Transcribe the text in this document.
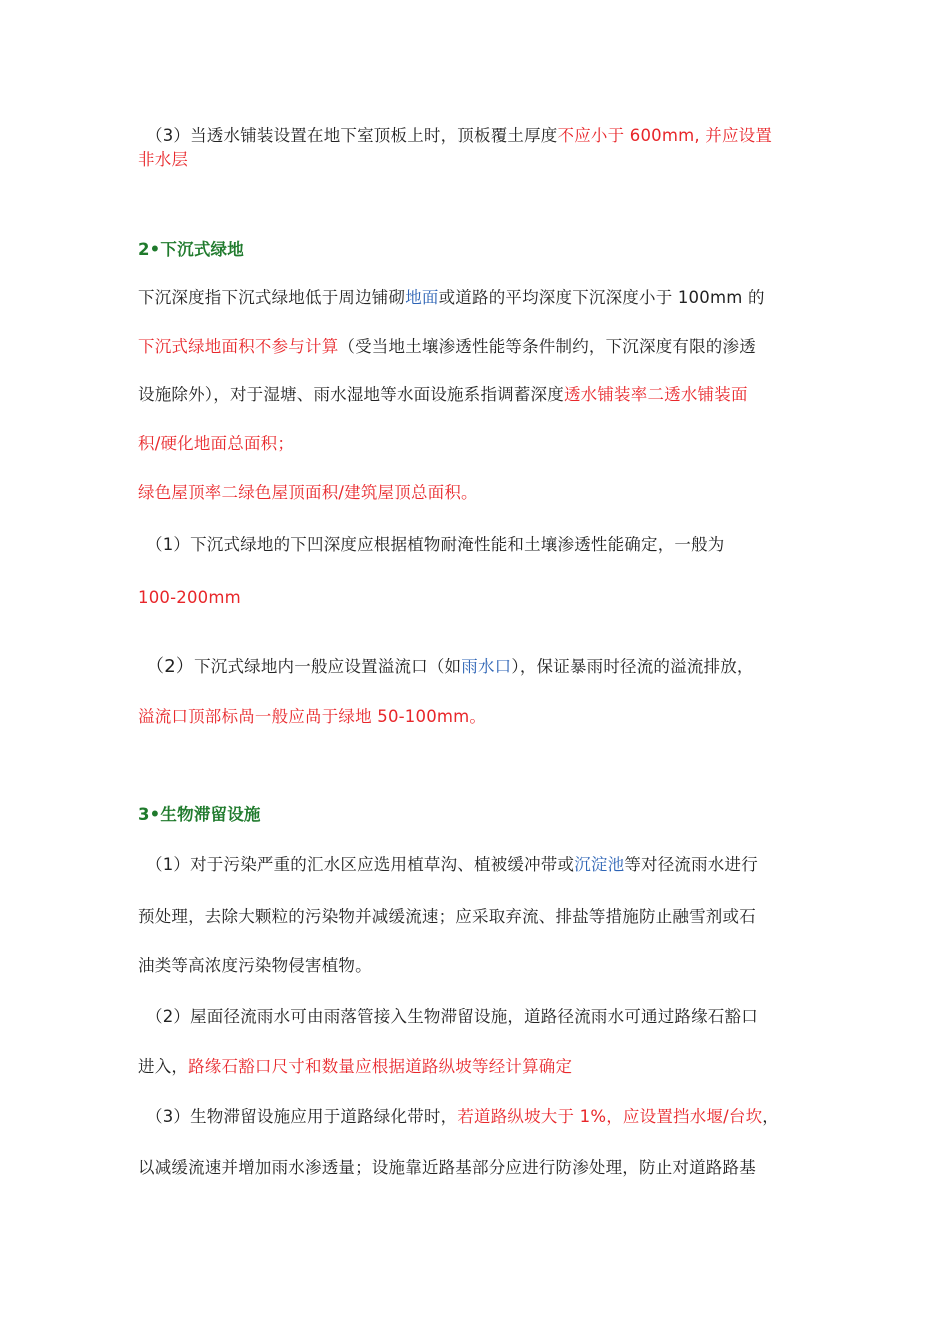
（3）当透水铺装设置在地下室顶板上时，顶板覆土厚度不应小于 600mm, 并应设置
非水层
2•下沉式绿地
下沉深度指下沉式绿地低于周边铺砌地面或道路的平均深度下沉深度小于 100mm 的
下沉式绿地面积不参与计算（受当地土壤渗透性能等条件制约，下沉深度有限的渗透
设施除外），对于湿塘、雨水湿地等水面设施系指调蓄深度透水铺装率二透水铺装面
积/硬化地面总面积；
绿色屋顶率二绿色屋顶面积/建筑屋顶总面积。
（1）下沉式绿地的下凹深度应根据植物耐淹性能和土壤渗透性能确定，一般为
100-200mm
（2）下沉式绿地内一般应设置溢流口（如雨水口），保证暴雨时径流的溢流排放，
溢流口顶部标咼一般应咼于绿地 50-100mm。
3•生物滞留设施
（1）对于污染严重的汇水区应选用植草沟、植被缓冲带或沉淀池等对径流雨水进行
预处理，去除大颗粒的污染物并减缓流速；应采取弃流、排盐等措施防止融雪剂或石
油类等高浓度污染物侵害植物。
（2）屋面径流雨水可由雨落管接入生物滞留设施，道路径流雨水可通过路缘石豁口
进入，路缘石豁口尺寸和数量应根据道路纵坡等经计算确定
（3）生物滞留设施应用于道路绿化带时，若道路纵坡大于 1%，应设置挡水堰/台坎，
以减缓流速并增加雨水渗透量；设施靠近路基部分应进行防渗处理，防止对道路路基
